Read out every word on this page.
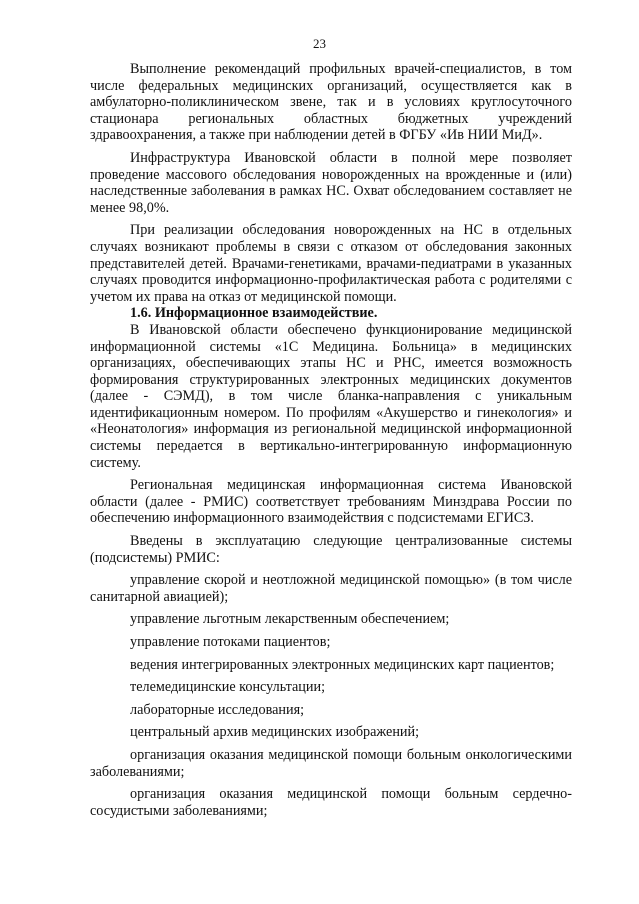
23

Выполнение рекомендаций профильных врачей-специалистов, в том числе федеральных медицинских организаций, осуществляется как в амбулаторно-поликлиническом звене, так и в условиях круглосуточного стационара региональных областных бюджетных учреждений здравоохранения, а также при наблюдении детей в ФГБУ «Ив НИИ МиД».

Инфраструктура Ивановской области в полной мере позволяет проведение массового обследования новорожденных на врожденные и (или) наследственные заболевания в рамках НС. Охват обследованием составляет не менее 98,0%.

При реализации обследования новорожденных на НС в отдельных случаях возникают проблемы в связи с отказом от обследования законных представителей детей. Врачами-генетиками, врачами-педиатрами в указанных случаях проводится информационно-профилактическая работа с родителями с учетом их права на отказ от медицинской помощи.

1.6. Информационное взаимодействие.

В Ивановской области обеспечено функционирование медицинской информационной системы «1С Медицина. Больница» в медицинских организациях, обеспечивающих этапы НС и РНС, имеется возможность формирования структурированных электронных медицинских документов (далее - СЭМД), в том числе бланка-направления с уникальным идентификационным номером. По профилям «Акушерство и гинекология» и «Неонатология» информация из региональной медицинской информационной системы передается в вертикально-интегрированную информационную систему.

Региональная медицинская информационная система Ивановской области (далее - РМИС) соответствует требованиям Минздрава России по обеспечению информационного взаимодействия с подсистемами ЕГИСЗ.

Введены в эксплуатацию следующие централизованные системы (подсистемы) РМИС:

управление скорой и неотложной медицинской помощью» (в том числе санитарной авиацией);

управление льготным лекарственным обеспечением;

управление потоками пациентов;

ведения интегрированных электронных медицинских карт пациентов;

телемедицинские консультации;

лабораторные исследования;

центральный архив медицинских изображений;

организация оказания медицинской помощи больным онкологическими заболеваниями;

организация оказания медицинской помощи больным сердечно-сосудистыми заболеваниями;
